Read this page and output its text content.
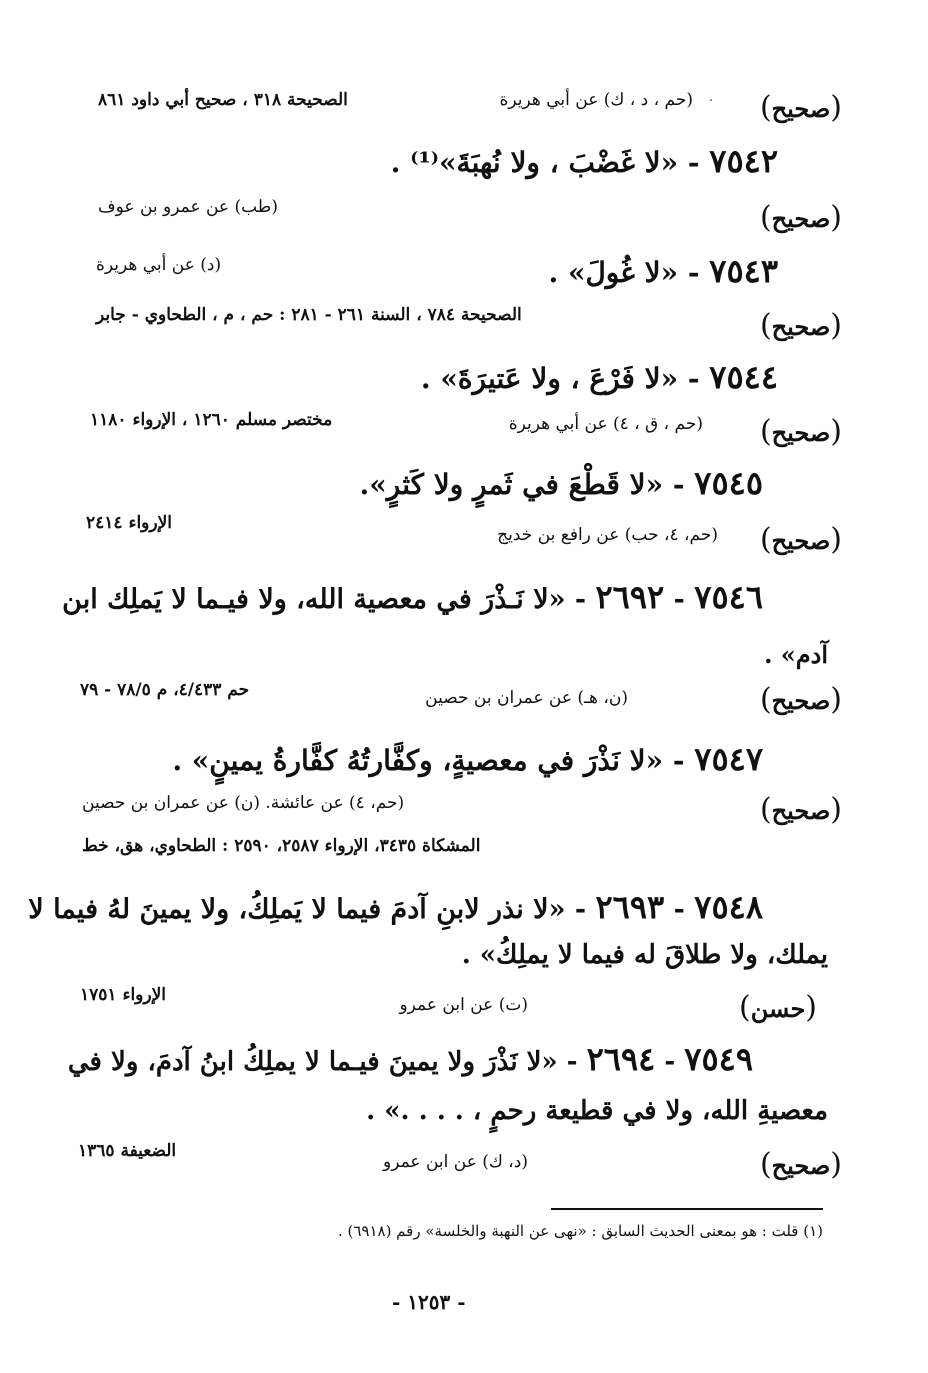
(صحيح)
.
(حم ، د ، ك) عن أبي هريرة
الصحيحة ٣١٨ ، صحيح أبي داود ٨٦١
٧٥٤٢ - «لا غَضْبَ ، ولا نُهبَةَ»⁽¹⁾ .
(صحيح)
(طب) عن عمرو بن عوف
٧٥٤٣ - «لا غُولَ» .
(د) عن أبي هريرة
(صحيح)
الصحيحة ٧٨٤ ، السنة ٢٦١ - ٢٨١ : حم ، م ، الطحاوي - جابر
٧٥٤٤ - «لا فَرْعَ ، ولا عَتيرَةَ» .
(صحيح)
(حم ، ق ، ٤) عن أبي هريرة
مختصر مسلم ١٢٦٠ ، الإرواء ١١٨٠
٧٥٤٥ - «لا قَطْعَ في ثَمرٍ ولا كَثرٍ».
(صحيح)
(حم، ٤، حب) عن رافع بن خديج
الإرواء ٢٤١٤
٧٥٤٦ - ٢٦٩٢ - «لا نَـذْرَ في معصية الله، ولا فيـما لا يَملِك ابن
آدم» .
(صحيح)
(ن، هـ) عن عمران بن حصين
حم ٤/٤٣٣، م ٧٨/٥ - ٧٩
٧٥٤٧ - «لا نَذْرَ في معصيةٍ، وكفَّارتُهُ كفَّارةُ يمينٍ» .
(صحيح)
(حم، ٤) عن عائشة. (ن) عن عمران بن حصين
المشكاة ٣٤٣٥، الإرواء ٢٥٨٧، ٢٥٩٠ : الطحاوي، هق، خط
٧٥٤٨ - ٢٦٩٣ - «لا نذر لابنِ آدمَ فيما لا يَملِكُ، ولا يمينَ لهُ فيما لا
يملك، ولا طلاقَ له فيما لا يملِكُ» .
(حسن)
(ت) عن ابن عمرو
الإرواء ١٧٥١
٧٥٤٩ - ٢٦٩٤ - «لا نَذْرَ ولا يمينَ فيـما لا يملِكُ ابنُ آدمَ، ولا في
معصيةِ الله، ولا في قطيعة رحمٍ ، . . . .» .
(صحيح)
(د، ك) عن ابن عمرو
الضعيفة ١٣٦٥
(١) قلت : هو بمعنى الحديث السابق : «نهى عن النهبة والخلسة» رقم (٦٩١٨) .
- ١٢٥٣ -
